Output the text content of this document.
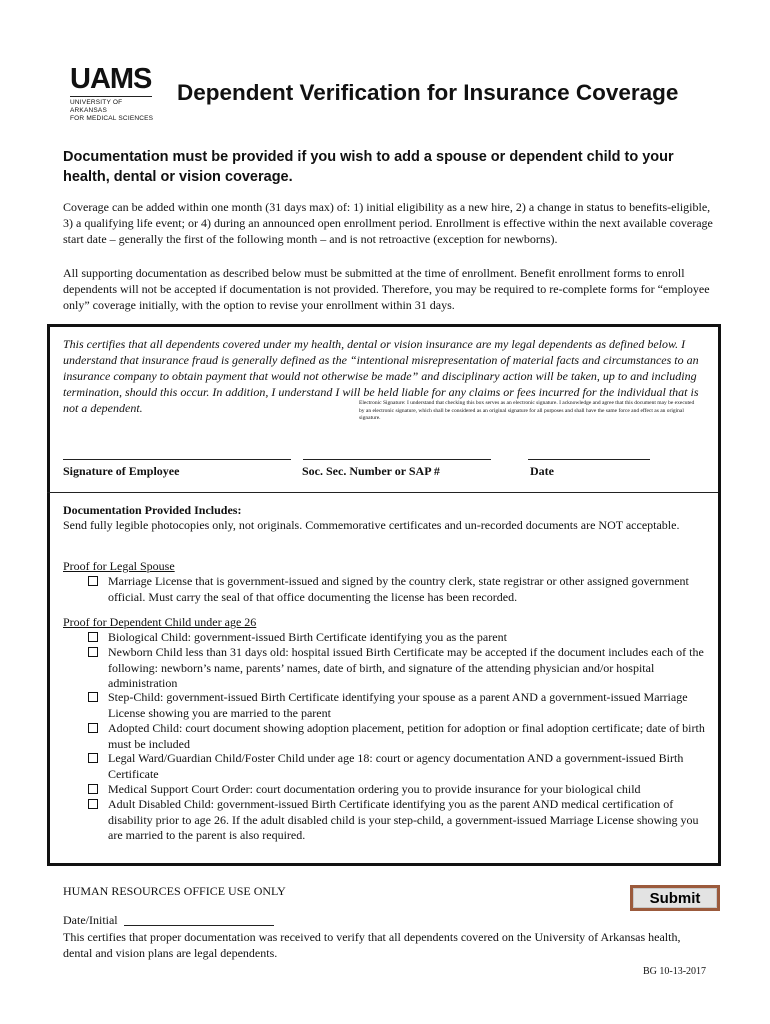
UAMS
UNIVERSITY OF ARKANSAS
FOR MEDICAL SCIENCES
Dependent Verification for Insurance Coverage
Documentation must be provided if you wish to add a spouse or dependent child to your health, dental or vision coverage.
Coverage can be added within one month (31 days max) of: 1) initial eligibility as a new hire, 2) a change in status to benefits-eligible, 3) a qualifying life event; or 4) during an announced open enrollment period. Enrollment is effective within the next available coverage start date – generally the first of the following month – and is not retroactive (exception for newborns).
All supporting documentation as described below must be submitted at the time of enrollment. Benefit enrollment forms to enroll dependents will not be accepted if documentation is not provided. Therefore, you may be required to re-complete forms for “employee only” coverage initially, with the option to revise your enrollment within 31 days.
This certifies that all dependents covered under my health, dental or vision insurance are my legal dependents as defined below. I understand that insurance fraud is generally defined as the “intentional misrepresentation of material facts and circumstances to an insurance company to obtain payment that would not otherwise be made” and disciplinary action will be taken, up to and including termination, should this occur. In addition, I understand I will be held liable for any claims or fees incurred for the individual that is not a dependent.	Electronic Signature: I understand that checking this box serves as an electronic signature. I acknowledge and agree that this document may be executed by an electronic signature, which shall be considered as an original signature for all purposes and shall have the same force and effect as an original signature.
Signature of Employee	Soc. Sec. Number or SAP #	Date
Documentation Provided Includes:
Send fully legible photocopies only, not originals. Commemorative certificates and un-recorded documents are NOT acceptable.
Proof for Legal Spouse
Marriage License that is government-issued and signed by the country clerk, state registrar or other assigned government official. Must carry the seal of that office documenting the license has been recorded.
Proof for Dependent Child under age 26
Biological Child: government-issued Birth Certificate identifying you as the parent
Newborn Child less than 31 days old: hospital issued Birth Certificate may be accepted if the document includes each of the following: newborn’s name, parents’ names, date of birth, and signature of the attending physician and/or hospital administration
Step-Child: government-issued Birth Certificate identifying your spouse as a parent AND a government-issued Marriage License showing you are married to the parent
Adopted Child: court document showing adoption placement, petition for adoption or final adoption certificate; date of birth must be included
Legal Ward/Guardian Child/Foster Child under age 18: court or agency documentation AND a government-issued Birth Certificate
Medical Support Court Order: court documentation ordering you to provide insurance for your biological child
Adult Disabled Child: government-issued Birth Certificate identifying you as the parent AND medical certification of disability prior to age 26. If the adult disabled child is your step-child, a government-issued Marriage License showing you are married to the parent is also required.
HUMAN RESOURCES OFFICE USE ONLY	Submit
Date/Initial
This certifies that proper documentation was received to verify that all dependents covered on the University of Arkansas health, dental and vision plans are legal dependents.
BG 10-13-2017
